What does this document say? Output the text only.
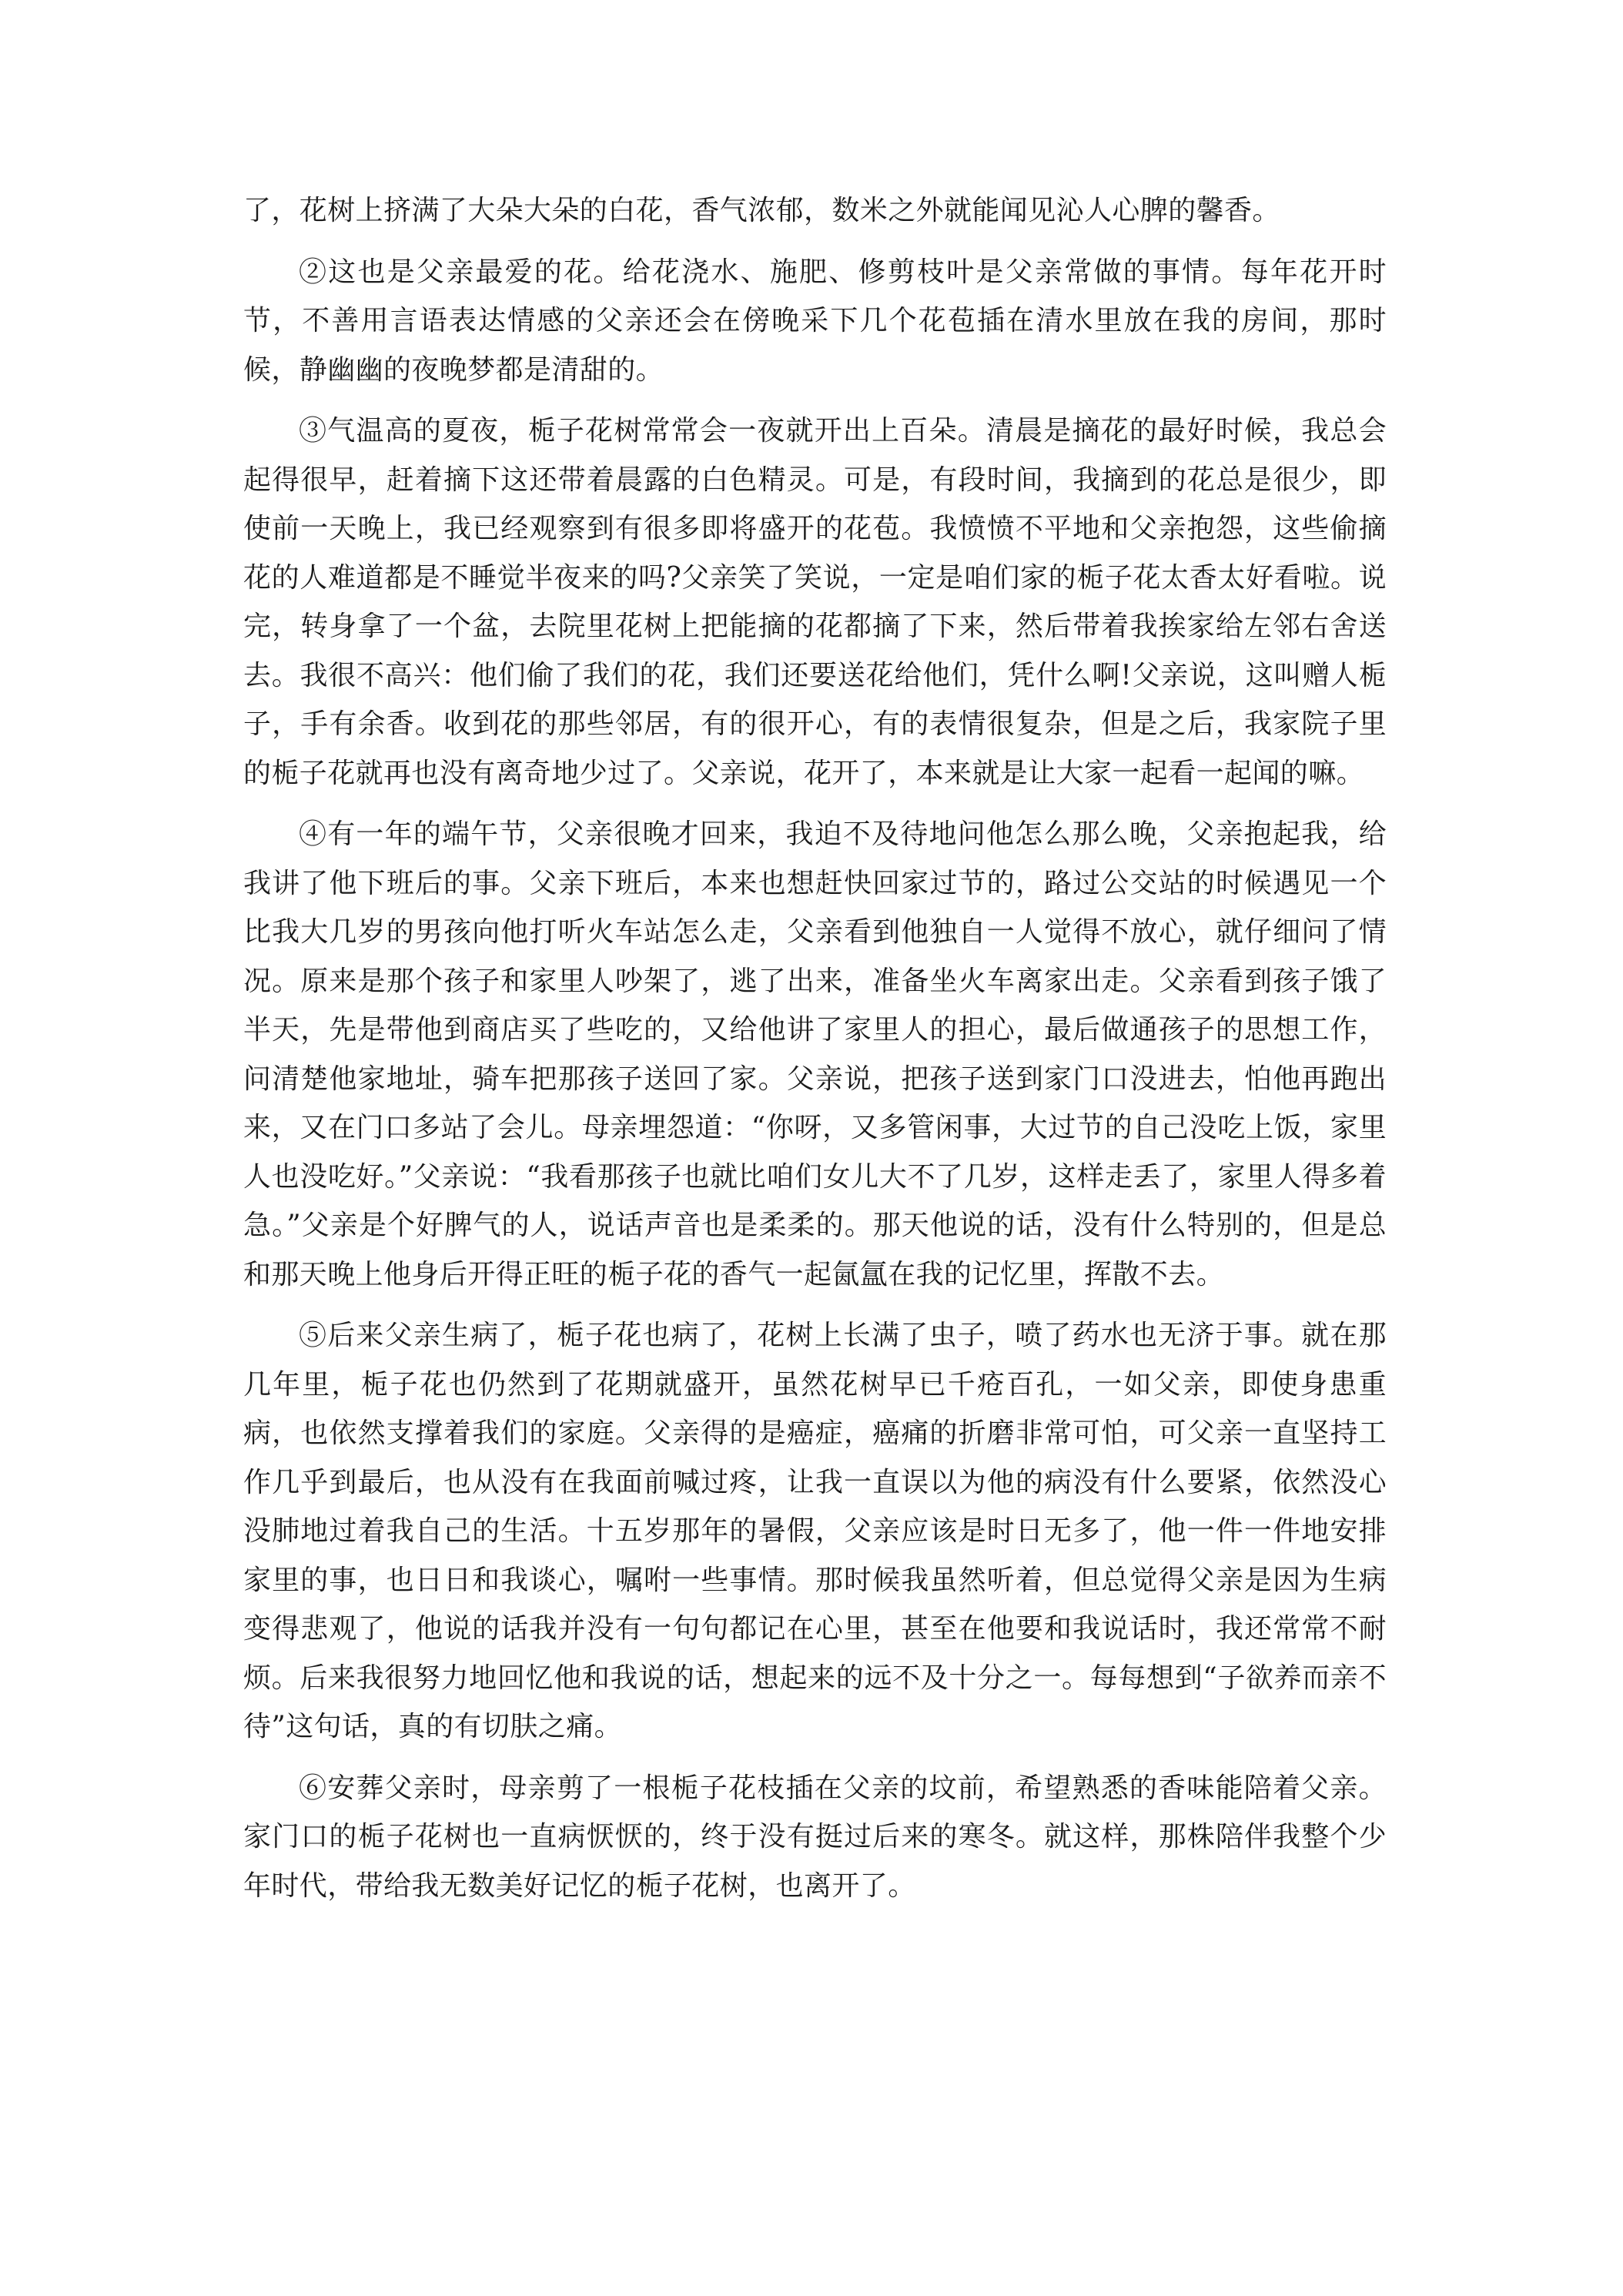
了，花树上挤满了大朵大朵的白花，香气浓郁，数米之外就能闻见沁人心脾的馨香。

②这也是父亲最爱的花。给花浇水、施肥、修剪枝叶是父亲常做的事情。每年花开时节，不善用言语表达情感的父亲还会在傍晚采下几个花苞插在清水里放在我的房间，那时候，静幽幽的夜晚梦都是清甜的。

③气温高的夏夜，栀子花树常常会一夜就开出上百朵。清晨是摘花的最好时候，我总会起得很早，赶着摘下这还带着晨露的白色精灵。可是，有段时间，我摘到的花总是很少，即使前一天晚上，我已经观察到有很多即将盛开的花苞。我愤愤不平地和父亲抱怨，这些偷摘花的人难道都是不睡觉半夜来的吗?父亲笑了笑说，一定是咱们家的栀子花太香太好看啦。说完，转身拿了一个盆，去院里花树上把能摘的花都摘了下来，然后带着我挨家给左邻右舍送去。我很不高兴：他们偷了我们的花，我们还要送花给他们，凭什么啊!父亲说，这叫赠人栀子，手有余香。收到花的那些邻居，有的很开心，有的表情很复杂，但是之后，我家院子里的栀子花就再也没有离奇地少过了。父亲说，花开了，本来就是让大家一起看一起闻的嘛。

④有一年的端午节，父亲很晚才回来，我迫不及待地问他怎么那么晚，父亲抱起我，给我讲了他下班后的事。父亲下班后，本来也想赶快回家过节的，路过公交站的时候遇见一个比我大几岁的男孩向他打听火车站怎么走，父亲看到他独自一人觉得不放心，就仔细问了情况。原来是那个孩子和家里人吵架了，逃了出来，准备坐火车离家出走。父亲看到孩子饿了半天，先是带他到商店买了些吃的，又给他讲了家里人的担心，最后做通孩子的思想工作，问清楚他家地址，骑车把那孩子送回了家。父亲说，把孩子送到家门口没进去，怕他再跑出来，又在门口多站了会儿。母亲埋怨道：“你呀，又多管闲事，大过节的自己没吃上饭，家里人也没吃好。”父亲说：“我看那孩子也就比咱们女儿大不了几岁，这样走丢了，家里人得多着急。”父亲是个好脾气的人，说话声音也是柔柔的。那天他说的话，没有什么特别的，但是总和那天晚上他身后开得正旺的栀子花的香气一起氤氲在我的记忆里，挥散不去。

⑤后来父亲生病了，栀子花也病了，花树上长满了虫子，喷了药水也无济于事。就在那几年里，栀子花也仍然到了花期就盛开，虽然花树早已千疮百孔，一如父亲，即使身患重病，也依然支撑着我们的家庭。父亲得的是癌症，癌痛的折磨非常可怕，可父亲一直坚持工作几乎到最后，也从没有在我面前喊过疼，让我一直误以为他的病没有什么要紧，依然没心没肺地过着我自己的生活。十五岁那年的暑假，父亲应该是时日无多了，他一件一件地安排家里的事，也日日和我谈心，嘱咐一些事情。那时候我虽然听着，但总觉得父亲是因为生病变得悲观了，他说的话我并没有一句句都记在心里，甚至在他要和我说话时，我还常常不耐烦。后来我很努力地回忆他和我说的话，想起来的远不及十分之一。每每想到“子欲养而亲不待”这句话，真的有切肤之痛。

⑥安葬父亲时，母亲剪了一根栀子花枝插在父亲的坟前，希望熟悉的香味能陪着父亲。家门口的栀子花树也一直病恹恹的，终于没有挺过后来的寒冬。就这样，那株陪伴我整个少年时代，带给我无数美好记忆的栀子花树，也离开了。
